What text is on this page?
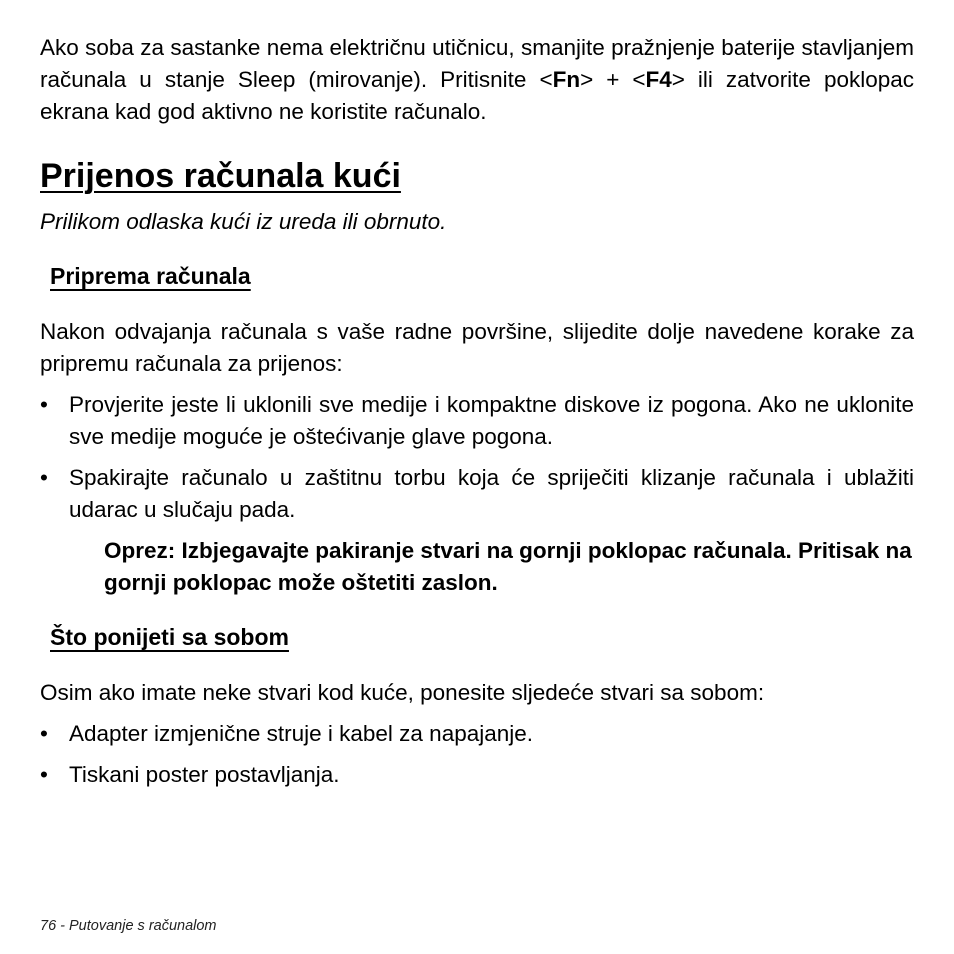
Ako soba za sastanke nema električnu utičnicu, smanjite pražnjenje baterije stavljanjem računala u stanje Sleep (mirovanje). Pritisnite <Fn> + <F4> ili zatvorite poklopac ekrana kad god aktivno ne koristite računalo.

Prijenos računala kući

Prilikom odlaska kući iz ureda ili obrnuto.

Priprema računala

Nakon odvajanja računala s vaše radne površine, slijedite dolje navedene korake za pripremu računala za prijenos:

• Provjerite jeste li uklonili sve medije i kompaktne diskove iz pogona. Ako ne uklonite sve medije moguće je oštećivanje glave pogona.
• Spakirajte računalo u zaštitnu torbu koja će spriječiti klizanje računala i ublažiti udarac u slučaju pada.

Oprez: Izbjegavajte pakiranje stvari na gornji poklopac računala. Pritisak na gornji poklopac može oštetiti zaslon.

Što ponijeti sa sobom

Osim ako imate neke stvari kod kuće, ponesite sljedeće stvari sa sobom:

• Adapter izmjenične struje i kabel za napajanje.
• Tiskani poster postavljanja.
76 - Putovanje s računalom
